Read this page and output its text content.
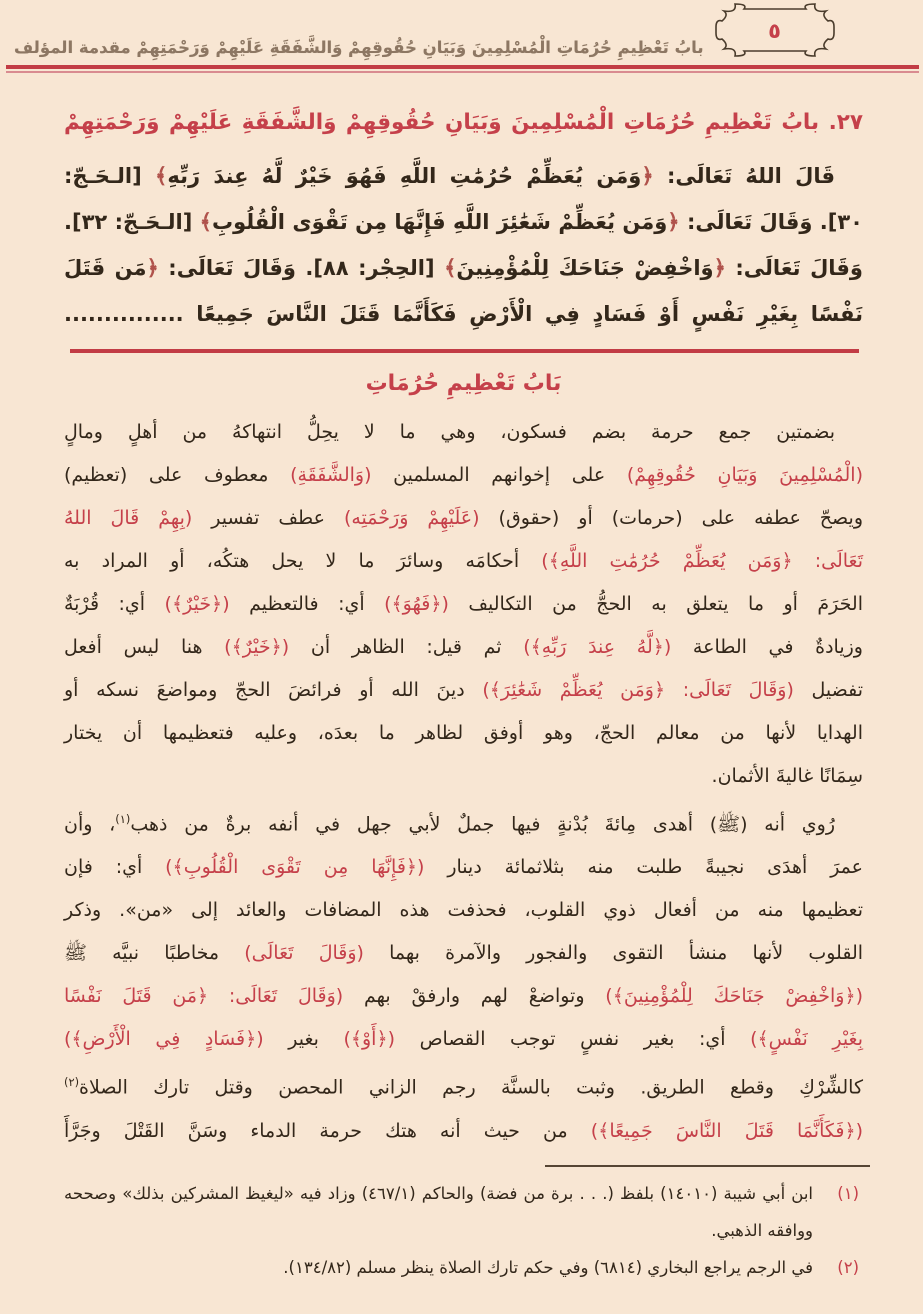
بابُ تَعْظِيمِ حُرُمَاتِ الْمُسْلِمِينَ وَبَيَانِ حُقُوقِهِمْ وَالشَّفَقَةِ عَلَيْهِمْ وَرَحْمَتِهِمْ مقدمة المؤلف
٥
٢٧. بابُ تَعْظِيمِ حُرُمَاتِ الْمُسْلِمِينَ وَبَيَانِ حُقُوقِهِمْ وَالشَّفَقَةِ عَلَيْهِمْ وَرَحْمَتِهِمْ
قَالَ اللهُ تَعَالَى: ﴿وَمَن يُعَظِّمْ حُرُمَٰتِ اللَّهِ فَهُوَ خَيْرٌ لَّهُ عِندَ رَبِّهِ﴾ [الـحَـجّ:
٣٠]. وَقَالَ تَعَالَى: ﴿وَمَن يُعَظِّمْ شَعَٰئِرَ اللَّهِ فَإِنَّهَا مِن تَقْوَى الْقُلُوبِ﴾ [الـحَـجّ: ٣٢].
وَقَالَ تَعَالَى: ﴿وَاخْفِضْ جَنَاحَكَ لِلْمُؤْمِنِينَ﴾ [الحِجْر: ٨٨]. وَقَالَ تَعَالَى: ﴿مَن قَتَلَ
نَفْسًا بِغَيْرِ نَفْسٍ أَوْ فَسَادٍ فِي الْأَرْضِ فَكَأَنَّمَا قَتَلَ النَّاسَ جَمِيعًا ...............
بَابُ تَعْظِيمِ حُرُمَاتِ
بضمتين جمع حرمة بضم فسكون، وهي ما لا يحِلُّ انتهاكهُ من أهلٍ ومالٍ
(الْمُسْلِمِينَ وَبَيَانِ حُقُوقِهِمْ) على إخوانهم المسلمين (وَالشَّفَقَةِ) معطوف على (تعظيم)
ويصحّ عطفه على (حرمات) أو (حقوق) (عَلَيْهِمْ وَرَحْمَتِه) عطف تفسير (بِهِمْ قَالَ اللهُ
تَعَالَى: ﴿وَمَن يُعَظِّمْ حُرُمَٰتِ اللَّهِ﴾) أحكامَه وسائرَ ما لا يحل هتكُه، أو المراد به
الحَرَمَ أو ما يتعلق به الحجُّ من التكاليف (﴿فَهُوَ﴾) أي: فالتعظيم (﴿خَيْرٌ﴾) أي: قُرْبَةٌ
وزيادةٌ في الطاعة (﴿لَّهُ عِندَ رَبِّهِ﴾) ثم قيل: الظاهر أن (﴿خَيْرٌ﴾) هنا ليس أفعل
تفضيل (وَقَالَ تَعَالَى: ﴿وَمَن يُعَظِّمْ شَعَٰئِرَ﴾) دينَ الله أو فرائضَ الحجّ ومواضعَ نسكه أو
الهدايا لأنها من معالم الحجّ، وهو أوفق لظاهر ما بعدَه، وعليه فتعظيمها أن يختار
سِمَانًا غاليةَ الأثمان.
رُوي أنه (ﷺ) أهدى مِائةَ بُدْنةٍ فيها جملٌ لأبي جهل في أنفه برةٌ من ذهب$^{(١)}$، وأن
عمرَ أهدَى نجيبةً طلبت منه بثلاثمائة دينار (﴿فَإِنَّهَا مِن تَقْوَى الْقُلُوبِ﴾) أي: فإن
تعظيمها منه من أفعال ذوي القلوب، فحذفت هذه المضافات والعائد إلى «من». وذكر
القلوب لأنها منشأ التقوى والفجور والآمرة بهما (وَقَالَ تَعَالَى) مخاطبًا نبيَّه ﷺ
(﴿وَاخْفِضْ جَنَاحَكَ لِلْمُؤْمِنِينَ﴾) وتواضعْ لهم وارفقْ بهم (وَقَالَ تَعَالَى: ﴿مَن قَتَلَ نَفْسًا
بِغَيْرِ نَفْسٍ﴾) أي: بغير نفسٍ توجب القصاص (﴿أَوْ﴾) بغير (﴿فَسَادٍ فِي الْأَرْضِ﴾)
كالشِّرْكِ وقطع الطريق. وثبت بالسنَّة رجم الزاني المحصن وقتل تارك الصلاة$^{(٢)}$
(﴿فَكَأَنَّمَا قَتَلَ النَّاسَ جَمِيعًا﴾) من حيث أنه هتك حرمة الدماء وسَنَّ القَتْلَ وجَرَّأَ
(١)
ابن أبي شيبة (١٤٠١٠) بلفظ (. . . برة من فضة) والحاكم (٤٦٧/١) وزاد فيه «ليغيظ المشركين بذلك» وصححه ووافقه الذهبي.
(٢)
في الرجم يراجع البخاري (٦٨١٤) وفي حكم تارك الصلاة ينظر مسلم (١٣٤/٨٢).
